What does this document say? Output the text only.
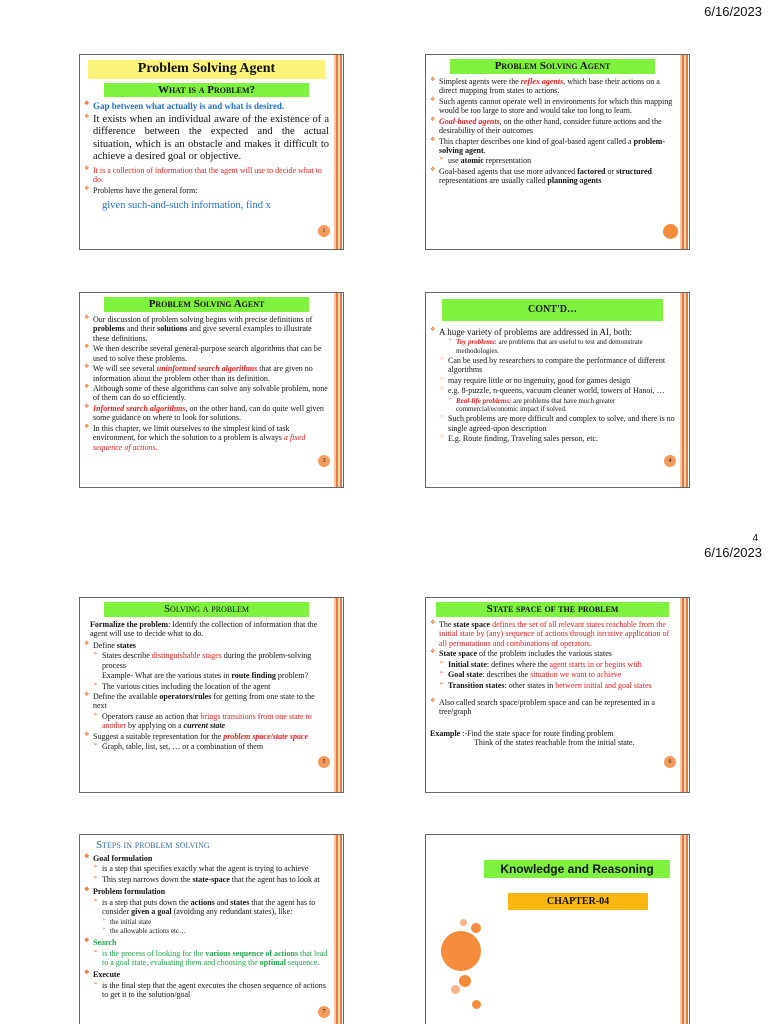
6/16/2023
4
6/16/2023
Problem Solving Agent
What is a Problem?
❖ Gap between what actually is and what is desired.
❖ It exists when an individual aware of the existence of a difference between the expected and the actual situation, which is an obstacle and makes it difficult to achieve a desired goal or objective.
❖ It is a collection of information that the agent will use to decide what to do.
❖ Problems have the general form:
given such-and-such information, find x
1
Problem Solving Agent
❖ Simplest agents were the reflex agents, which base their actions on a direct mapping from states to actions.
❖ Such agents cannot operate well in environments for which this mapping would be too large to store and would take too long to learn.
❖ Goal-based agents, on the other hand, consider future actions and the desirability of their outcomes
❖ This chapter describes one kind of goal-based agent called a problem-solving agent.
➢ use atomic representation
❖ Goal-based agents that use more advanced factored or structured representations are usually called planning agents
Problem Solving Agent
❖ Our discussion of problem solving begins with precise definitions of problems and their solutions and give several examples to illustrate these definitions.
❖ We then describe several general-purpose search algorithms that can be used to solve these problems.
❖ We will see several uninformed search algorithms that are given no information about the problem other than its definition.
❖ Although some of these algorithms can solve any solvable problem, none of them can do so efficiently.
❖ Informed search algorithms, on the other hand, can do quite well given some guidance on where to look for solutions.
❖ In this chapter, we limit ourselves to the simplest kind of task environment, for which the solution to a problem is always a fixed sequence of actions.
3
CONT'D…
❖ A huge variety of problems are addressed in AI, both:
➢ Toy problems: are problems that are useful to test and demonstrate methodologies.
○ Can be used by researchers to compare the performance of different algorithms
○ may require little or no ingenuity, good for games design
○ e.g. 8-puzzle, n-queens, vacuum cleaner world, towers of Hanoi, …
➢ Real-life problems: are problems that have much greater commercial/economic impact if solved.
○ Such problems are more difficult and complex to solve, and there is no single agreed-upon description
○ E.g. Route finding, Traveling sales person, etc.
4
Solving a problem
Formalize the problem: Identify the collection of information that the agent will use to decide what to do.
❖ Define states
➢ States describe distinguishable stages during the problem-solving process
Example- What are the various states in route finding problem?
➢ The various cities including the location of the agent
❖ Define the available operators/rules for getting from one state to the next
➢ Operators cause an action that brings transitions from one state to another by applying on a current state
❖ Suggest a suitable representation for the problem space/state space
➢ Graph, table, list, set, … or a combination of them
5
State space of the problem
❖ The state space defines the set of all relevant states reachable from the initial state by (any) sequence of actions through iterative application of all permutations and combinations of operators.
❖ State space of the problem includes the various states
➢ Initial state: defines where the agent starts in or begins with
➢ Goal state: describes the situation we want to achieve
➢ Transition states: other states in between initial and goal states
❖ Also called search space/problem space and can be represented in a tree/graph
Example :-Find the state space for route finding problem
Think of the states reachable from the initial state.
6
Steps in problem solving
❖ Goal formulation
➢ is a step that specifies exactly what the agent is trying to achieve
➢ This step narrows down the state-space that the agent has to look at
❖ Problem formulation
➢ is a step that puts down the actions and states that the agent has to consider given a goal (avoiding any redundant states), like:
➢ the initial state
➢ the allowable actions etc…
❖ Search
➢ is the process of looking for the various sequence of actions that lead to a goal state, evaluating them and choosing the optimal sequence.
❖ Execute
➢ is the final step that the agent executes the chosen sequence of actions to get it to the solution/goal
7
Knowledge and Reasoning
CHAPTER-04
